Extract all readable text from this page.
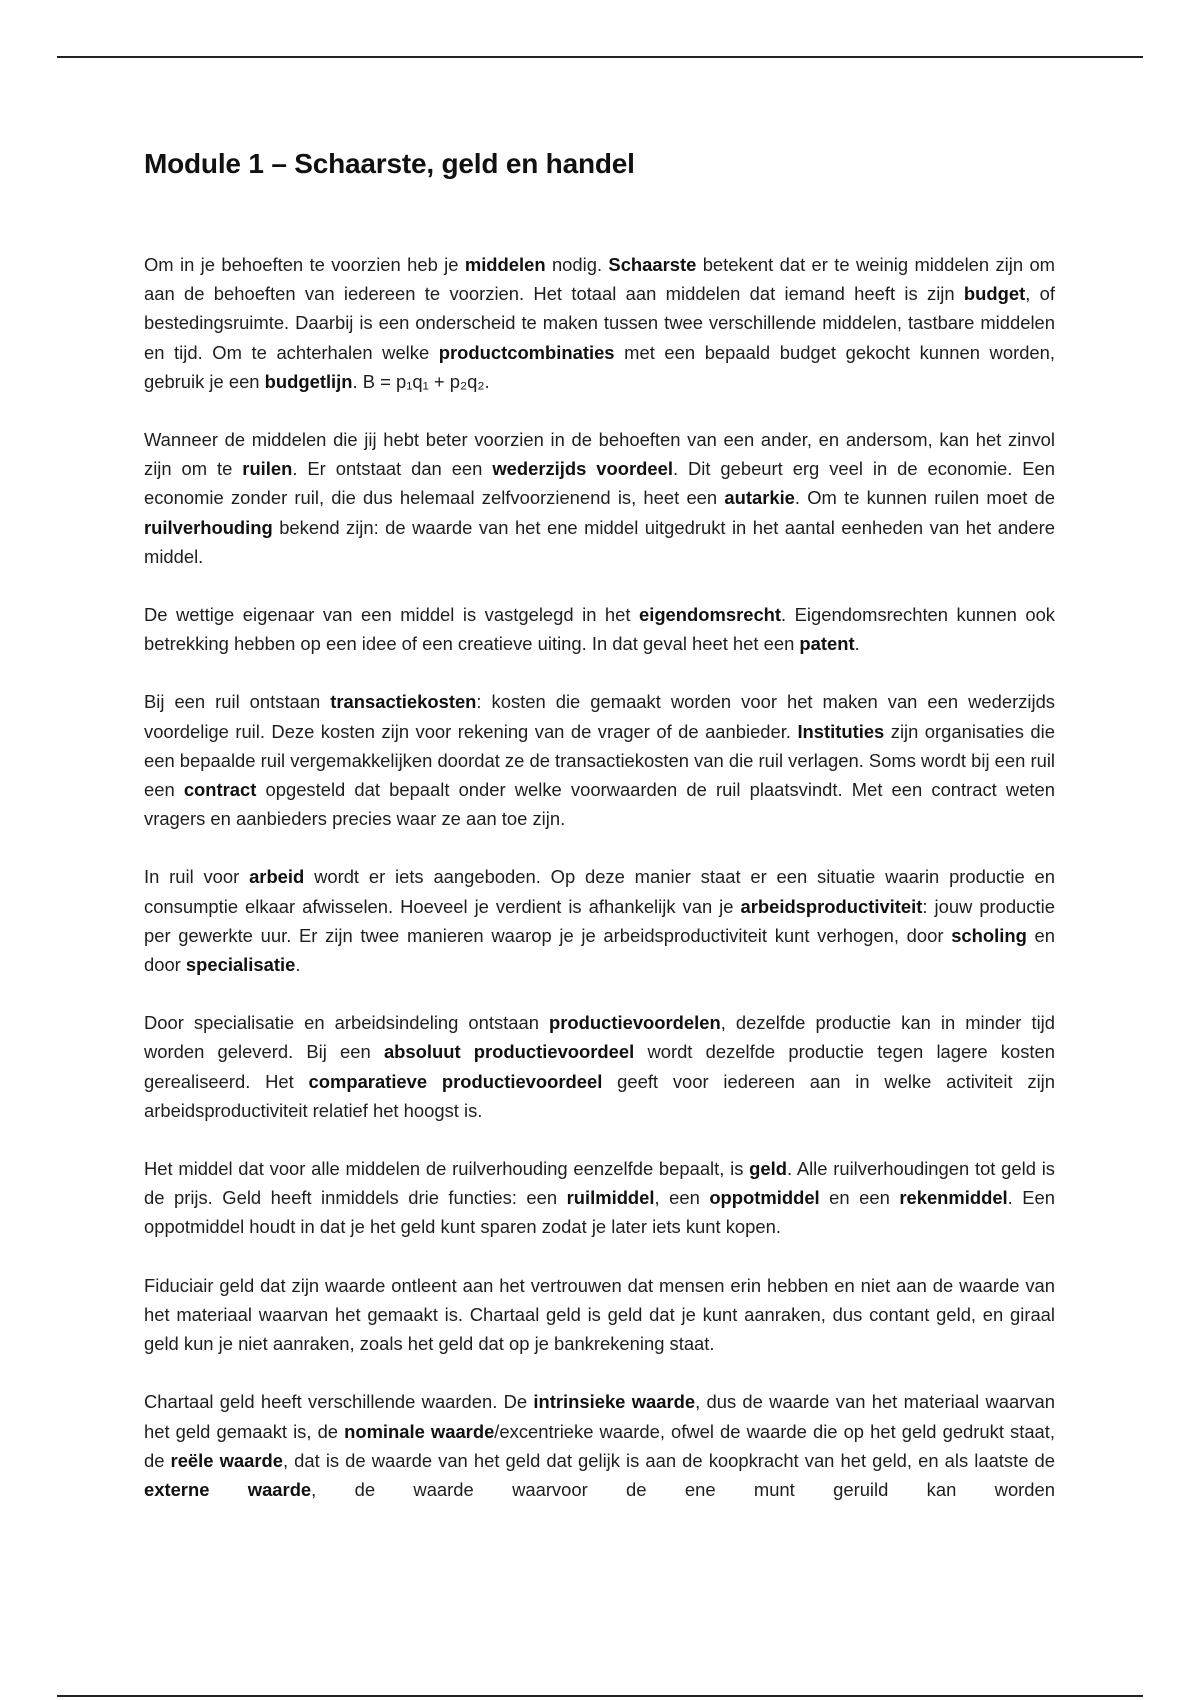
Module 1 – Schaarste, geld en handel

Om in je behoeften te voorzien heb je middelen nodig. Schaarste betekent dat er te weinig middelen zijn om aan de behoeften van iedereen te voorzien. Het totaal aan middelen dat iemand heeft is zijn budget, of bestedingsruimte. Daarbij is een onderscheid te maken tussen twee verschillende middelen, tastbare middelen en tijd. Om te achterhalen welke productcombinaties met een bepaald budget gekocht kunnen worden, gebruik je een budgetlijn. B = p₁q₁ + p₂q₂.

Wanneer de middelen die jij hebt beter voorzien in de behoeften van een ander, en andersom, kan het zinvol zijn om te ruilen. Er ontstaat dan een wederzijds voordeel. Dit gebeurt erg veel in de economie. Een economie zonder ruil, die dus helemaal zelfvoorzienend is, heet een autarkie. Om te kunnen ruilen moet de ruilverhouding bekend zijn: de waarde van het ene middel uitgedrukt in het aantal eenheden van het andere middel.

De wettige eigenaar van een middel is vastgelegd in het eigendomsrecht. Eigendomsrechten kunnen ook betrekking hebben op een idee of een creatieve uiting. In dat geval heet het een patent.

Bij een ruil ontstaan transactiekosten: kosten die gemaakt worden voor het maken van een wederzijds voordelige ruil. Deze kosten zijn voor rekening van de vrager of de aanbieder. Instituties zijn organisaties die een bepaalde ruil vergemakkelijken doordat ze de transactiekosten van die ruil verlagen. Soms wordt bij een ruil een contract opgesteld dat bepaalt onder welke voorwaarden de ruil plaatsvindt. Met een contract weten vragers en aanbieders precies waar ze aan toe zijn.

In ruil voor arbeid wordt er iets aangeboden. Op deze manier staat er een situatie waarin productie en consumptie elkaar afwisselen. Hoeveel je verdient is afhankelijk van je arbeidsproductiviteit: jouw productie per gewerkte uur. Er zijn twee manieren waarop je je arbeidsproductiviteit kunt verhogen, door scholing en door specialisatie.

Door specialisatie en arbeidsindeling ontstaan productievoordelen, dezelfde productie kan in minder tijd worden geleverd. Bij een absoluut productievoordeel wordt dezelfde productie tegen lagere kosten gerealiseerd. Het comparatieve productievoordeel geeft voor iedereen aan in welke activiteit zijn arbeidsproductiviteit relatief het hoogst is.

Het middel dat voor alle middelen de ruilverhouding eenzelfde bepaalt, is geld. Alle ruilverhoudingen tot geld is de prijs. Geld heeft inmiddels drie functies: een ruilmiddel, een oppotmiddel en een rekenmiddel. Een oppotmiddel houdt in dat je het geld kunt sparen zodat je later iets kunt kopen.

Fiduciair geld dat zijn waarde ontleent aan het vertrouwen dat mensen erin hebben en niet aan de waarde van het materiaal waarvan het gemaakt is. Chartaal geld is geld dat je kunt aanraken, dus contant geld, en giraal geld kun je niet aanraken, zoals het geld dat op je bankrekening staat.

Chartaal geld heeft verschillende waarden. De intrinsieke waarde, dus de waarde van het materiaal waarvan het geld gemaakt is, de nominale waarde/excentrieke waarde, ofwel de waarde die op het geld gedrukt staat, de reële waarde, dat is de waarde van het geld dat gelijk is aan de koopkracht van het geld, en als laatste de externe waarde, de waarde waarvoor de ene munt geruild kan worden
